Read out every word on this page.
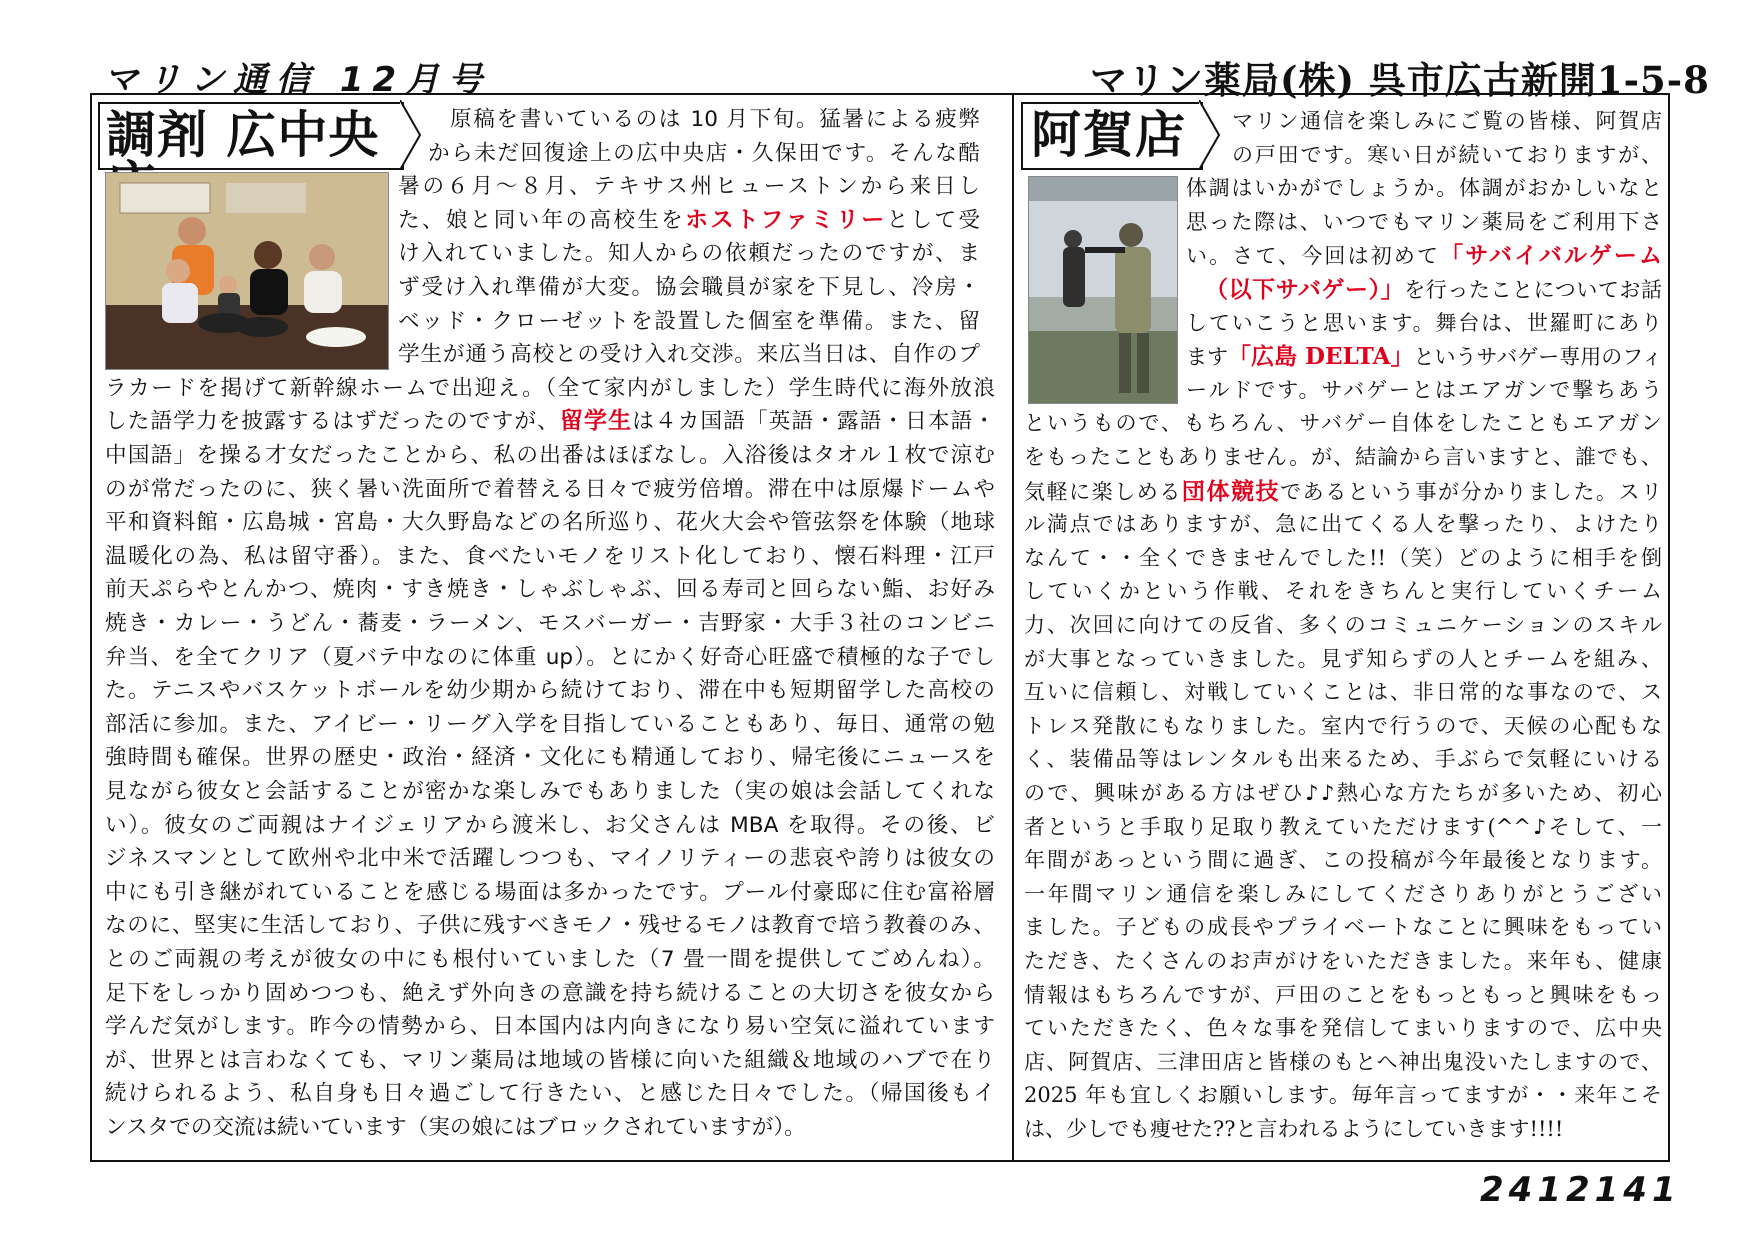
マリン通信 12月号	マリン薬局(株) 呉市広古新開1-5-8
調剤 広中央	阿賀店
2412141
原稿を書いているのは 10 月下旬。猛暑による疲弊
から未だ回復途上の広中央店・久保田です。そんな酷
暑の６月〜８月、テキサス州ヒューストンから来日し
た、娘と同い年の高校生をホストファミリーとして受
け入れていました。知人からの依頼だったのですが、ま
ず受け入れ準備が大変。協会職員が家を下見し、冷房・
ベッド・クローゼットを設置した個室を準備。また、留
学生が通う高校との受け入れ交渉。来広当日は、自作のプ
ラカードを掲げて新幹線ホームで出迎え。（全て家内がしました）学生時代に海外放浪
した語学力を披露するはずだったのですが、留学生は４カ国語「英語・露語・日本語・
中国語」を操る才女だったことから、私の出番はほぼなし。入浴後はタオル１枚で涼む
のが常だったのに、狭く暑い洗面所で着替える日々で疲労倍増。滞在中は原爆ドームや
平和資料館・広島城・宮島・大久野島などの名所巡り、花火大会や管弦祭を体験（地球
温暖化の為、私は留守番）。また、食べたいモノをリスト化しており、懐石料理・江戸
前天ぷらやとんかつ、焼肉・すき焼き・しゃぶしゃぶ、回る寿司と回らない鮨、お好み
焼き・カレー・うどん・蕎麦・ラーメン、モスバーガー・吉野家・大手３社のコンビニ
弁当、を全てクリア（夏バテ中なのに体重 up）。とにかく好奇心旺盛で積極的な子でし
た。テニスやバスケットボールを幼少期から続けており、滞在中も短期留学した高校の
部活に参加。また、アイビー・リーグ入学を目指していることもあり、毎日、通常の勉
強時間も確保。世界の歴史・政治・経済・文化にも精通しており、帰宅後にニュースを
見ながら彼女と会話することが密かな楽しみでもありました（実の娘は会話してくれな
い）。彼女のご両親はナイジェリアから渡米し、お父さんは MBA を取得。その後、ビ
ジネスマンとして欧州や北中米で活躍しつつも、マイノリティーの悲哀や誇りは彼女の
中にも引き継がれていることを感じる場面は多かったです。プール付豪邸に住む富裕層
なのに、堅実に生活しており、子供に残すべきモノ・残せるモノは教育で培う教養のみ、
とのご両親の考えが彼女の中にも根付いていました（7 畳一間を提供してごめんね）。
足下をしっかり固めつつも、絶えず外向きの意識を持ち続けることの大切さを彼女から
学んだ気がします。昨今の情勢から、日本国内は内向きになり易い空気に溢れています
が、世界とは言わなくても、マリン薬局は地域の皆様に向いた組織＆地域のハブで在り
続けられるよう、私自身も日々過ごして行きたい、と感じた日々でした。（帰国後もイ
ンスタでの交流は続いています（実の娘にはブロックされていますが）。
マリン通信を楽しみにご覧の皆様、阿賀店
の戸田です。寒い日が続いておりますが、
体調はいかがでしょうか。体調がおかしいなと
思った際は、いつでもマリン薬局をご利用下さ
い。さて、今回は初めて「サバイバルゲーム
（以下サバゲー）」を行ったことについてお話
していこうと思います。舞台は、世羅町にあり
ます「広島 DELTA」というサバゲー専用のフィ
ールドです。サバゲーとはエアガンで撃ちあう
というもので、もちろん、サバゲー自体をしたこともエアガン
をもったこともありません。が、結論から言いますと、誰でも、
気軽に楽しめる団体競技であるという事が分かりました。スリ
ル満点ではありますが、急に出てくる人を撃ったり、よけたり
なんて・・全くできませんでした!!（笑）どのように相手を倒
していくかという作戦、それをきちんと実行していくチーム
力、次回に向けての反省、多くのコミュニケーションのスキル
が大事となっていきました。見ず知らずの人とチームを組み、
互いに信頼し、対戦していくことは、非日常的な事なので、ス
トレス発散にもなりました。室内で行うので、天候の心配もな
く、装備品等はレンタルも出来るため、手ぶらで気軽にいける
ので、興味がある方はぜひ♪♪熱心な方たちが多いため、初心
者というと手取り足取り教えていただけます(^^♪そして、一
年間があっという間に過ぎ、この投稿が今年最後となります。
一年間マリン通信を楽しみにしてくださりありがとうござい
ました。子どもの成長やプライベートなことに興味をもってい
ただき、たくさんのお声がけをいただきました。来年も、健康
情報はもちろんですが、戸田のことをもっともっと興味をもっ
ていただきたく、色々な事を発信してまいりますので、広中央
店、阿賀店、三津田店と皆様のもとへ神出鬼没いたしますので、
2025 年も宜しくお願いします。毎年言ってますが・・来年こそ
は、少しでも痩せた??と言われるようにしていきます!!!!
